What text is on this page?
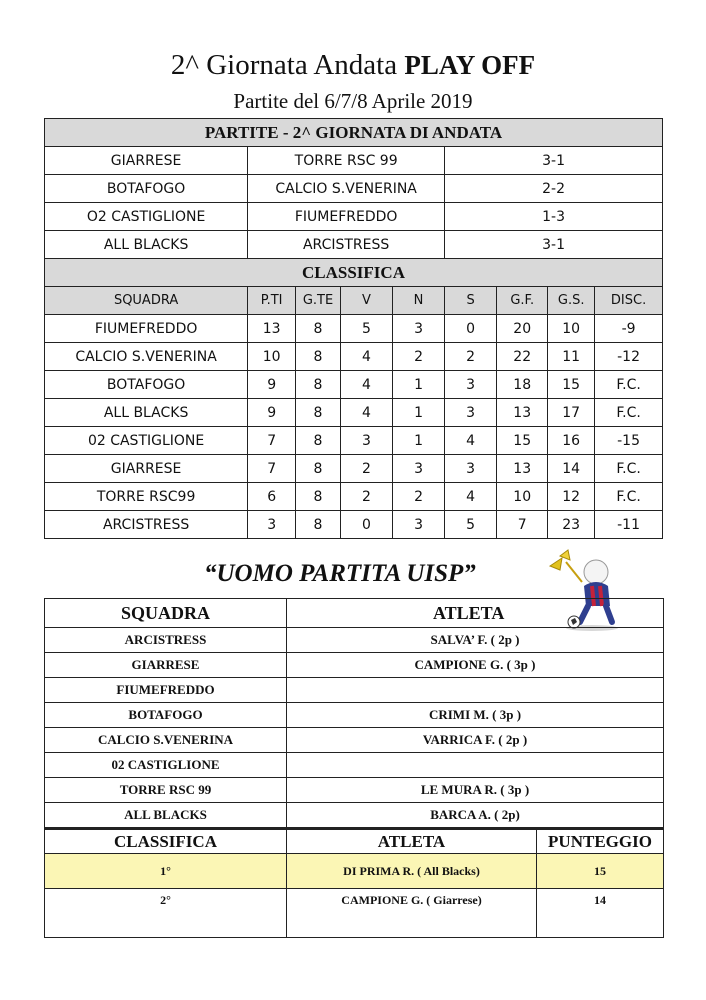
2^ Giornata Andata PLAY OFF
Partite del 6/7/8 Aprile 2019
PARTITE - 2^ GIORNATA DI ANDATA								
GIARRESE	TORRE RSC 99				3-1			
BOTAFOGO	CALCIO S.VENERINA				2-2			
O2 CASTIGLIONE	FIUMEFREDDO				1-3			
ALL BLACKS	ARCISTRESS				3-1			
CLASSIFICA								
SQUADRA	P.TI	G.TE	V	N	S	G.F.	G.S.	DISC.
FIUMEFREDDO	13	8	5	3	0	20	10	-9
CALCIO S.VENERINA	10	8	4	2	2	22	11	-12
BOTAFOGO	9	8	4	1	3	18	15	F.C.
ALL BLACKS	9	8	4	1	3	13	17	F.C.
02 CASTIGLIONE	7	8	3	1	4	15	16	-15
GIARRESE	7	8	2	3	3	13	14	F.C.
TORRE RSC99	6	8	2	2	4	10	12	F.C.
ARCISTRESS	3	8	0	3	5	7	23	-11
“UOMO PARTITA UISP”
SQUADRA	ATLETA	
ARCISTRESS	SALVA’ F. ( 2p )	
GIARRESE	CAMPIONE G. ( 3p )	
FIUMEFREDDO		
BOTAFOGO	CRIMI M. ( 3p )	
CALCIO S.VENERINA	VARRICA F. ( 2p )	
02 CASTIGLIONE		
TORRE RSC 99	LE MURA R. ( 3p )	
ALL BLACKS	BARCA A. ( 2p)	
CLASSIFICA	ATLETA	PUNTEGGIO
1°	DI PRIMA R. ( All Blacks)	15
2°	CAMPIONE G. ( Giarrese)	14
